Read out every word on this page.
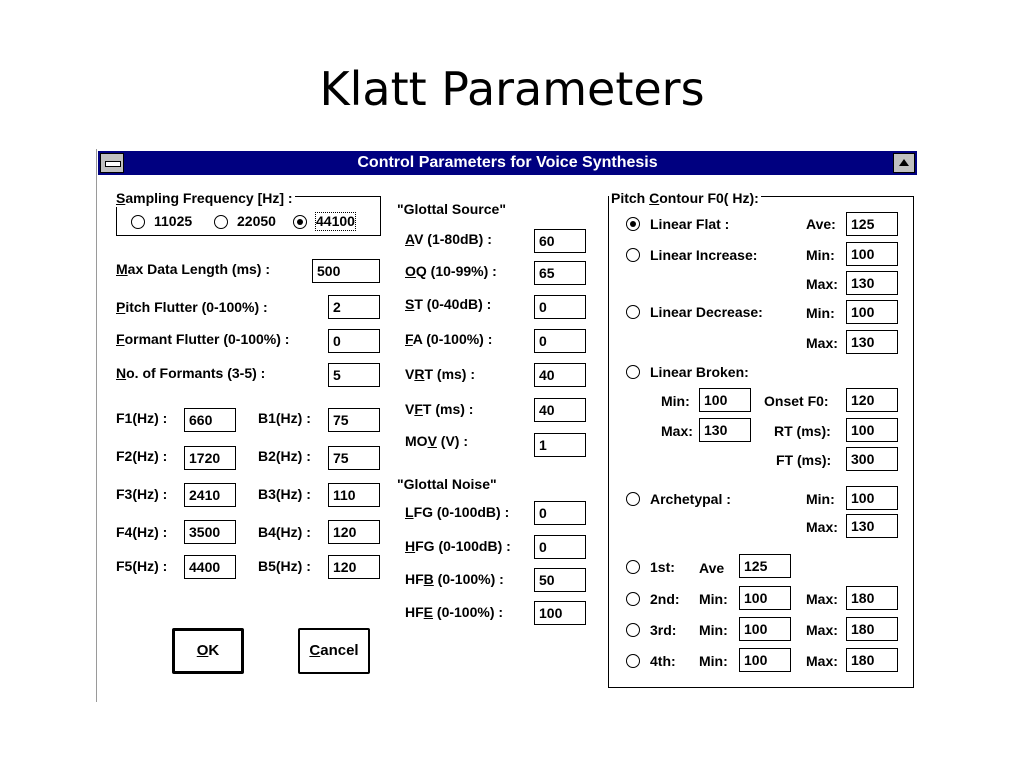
Klatt Parameters
Control Parameters for Voice Synthesis
Sampling Frequency [Hz] :
11025	22050	44100
Max Data Length (ms) :	500
Pitch Flutter (0-100%) :	2
Formant Flutter (0-100%) :	0
No. of Formants (3-5) :	5
F1(Hz) :	660	B1(Hz) :	75
F2(Hz) :	1720	B2(Hz) :	75
F3(Hz) :	2410	B3(Hz) :	110
F4(Hz) :	3500	B4(Hz) :	120
F5(Hz) :	4400	B5(Hz) :	120
OK	Cancel
"Glottal Source"
AV (1-80dB) :	60
OQ (10-99%) :	65
ST (0-40dB) :	0
FA (0-100%) :	0
VRT (ms) :	40
VFT (ms) :	40
MOV (V) :	1
"Glottal Noise"
LFG (0-100dB) :	0
HFG (0-100dB) :	0
HFB (0-100%) :	50
HFE (0-100%) :	100
Pitch Contour F0( Hz):
Linear Flat :	Ave:	125
Linear Increase:	Min:	100
Max: 130
Linear Decrease:	Min:	100
Max: 130
Linear Broken:
Min:	100	Onset F0:	120
Max: 130	RT (ms):	100
FT (ms):	300
Archetypal :	Min:	100
Max: 130
1st: Ave	125
2nd: Min:	100	Max: 180
3rd: Min:	100	Max: 180
4th: Min:	100	Max: 180
